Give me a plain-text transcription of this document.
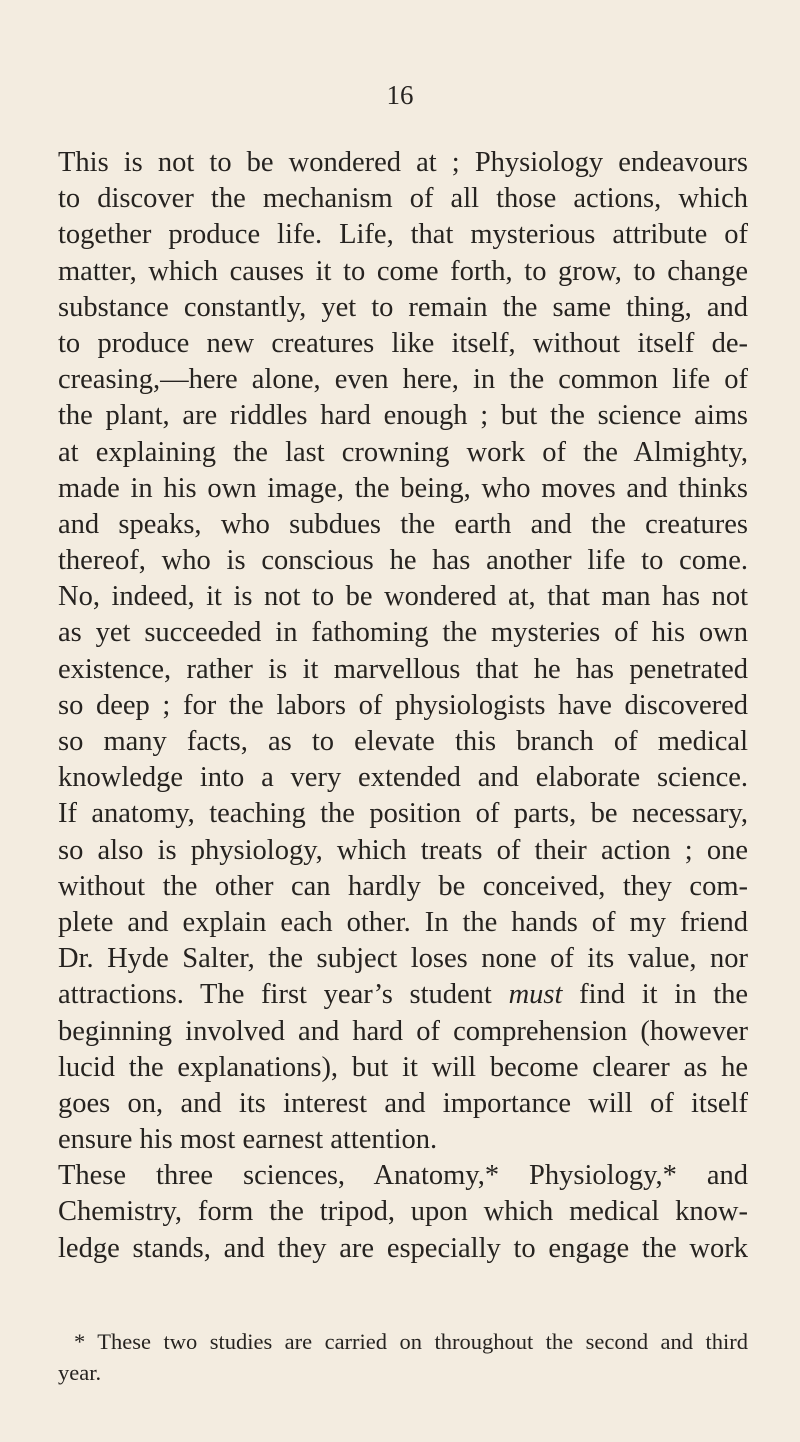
16
This is not to be wondered at ; Physiology endeavours
to discover the mechanism of all those actions, which
together produce life. Life, that mysterious attribute of
matter, which causes it to come forth, to grow, to change
substance constantly, yet to remain the same thing, and
to produce new creatures like itself, without itself de-
creasing,—here alone, even here, in the common life of
the plant, are riddles hard enough ; but the science aims
at explaining the last crowning work of the Almighty,
made in his own image, the being, who moves and thinks
and speaks, who subdues the earth and the creatures
thereof, who is conscious he has another life to come.
No, indeed, it is not to be wondered at, that man has not
as yet succeeded in fathoming the mysteries of his own
existence, rather is it marvellous that he has penetrated
so deep ; for the labors of physiologists have discovered
so many facts, as to elevate this branch of medical
knowledge into a very extended and elaborate science.
If anatomy, teaching the position of parts, be necessary,
so also is physiology, which treats of their action ; one
without the other can hardly be conceived, they com-
plete and explain each other. In the hands of my friend
Dr. Hyde Salter, the subject loses none of its value, nor
attractions. The first year’s student must find it in the
beginning involved and hard of comprehension (however
lucid the explanations), but it will become clearer as he
goes on, and its interest and importance will of itself
ensure his most earnest attention.
These three sciences, Anatomy,* Physiology,* and
Chemistry, form the tripod, upon which medical know-
ledge stands, and they are especially to engage the work
* These two studies are carried on throughout the second and third
year.
